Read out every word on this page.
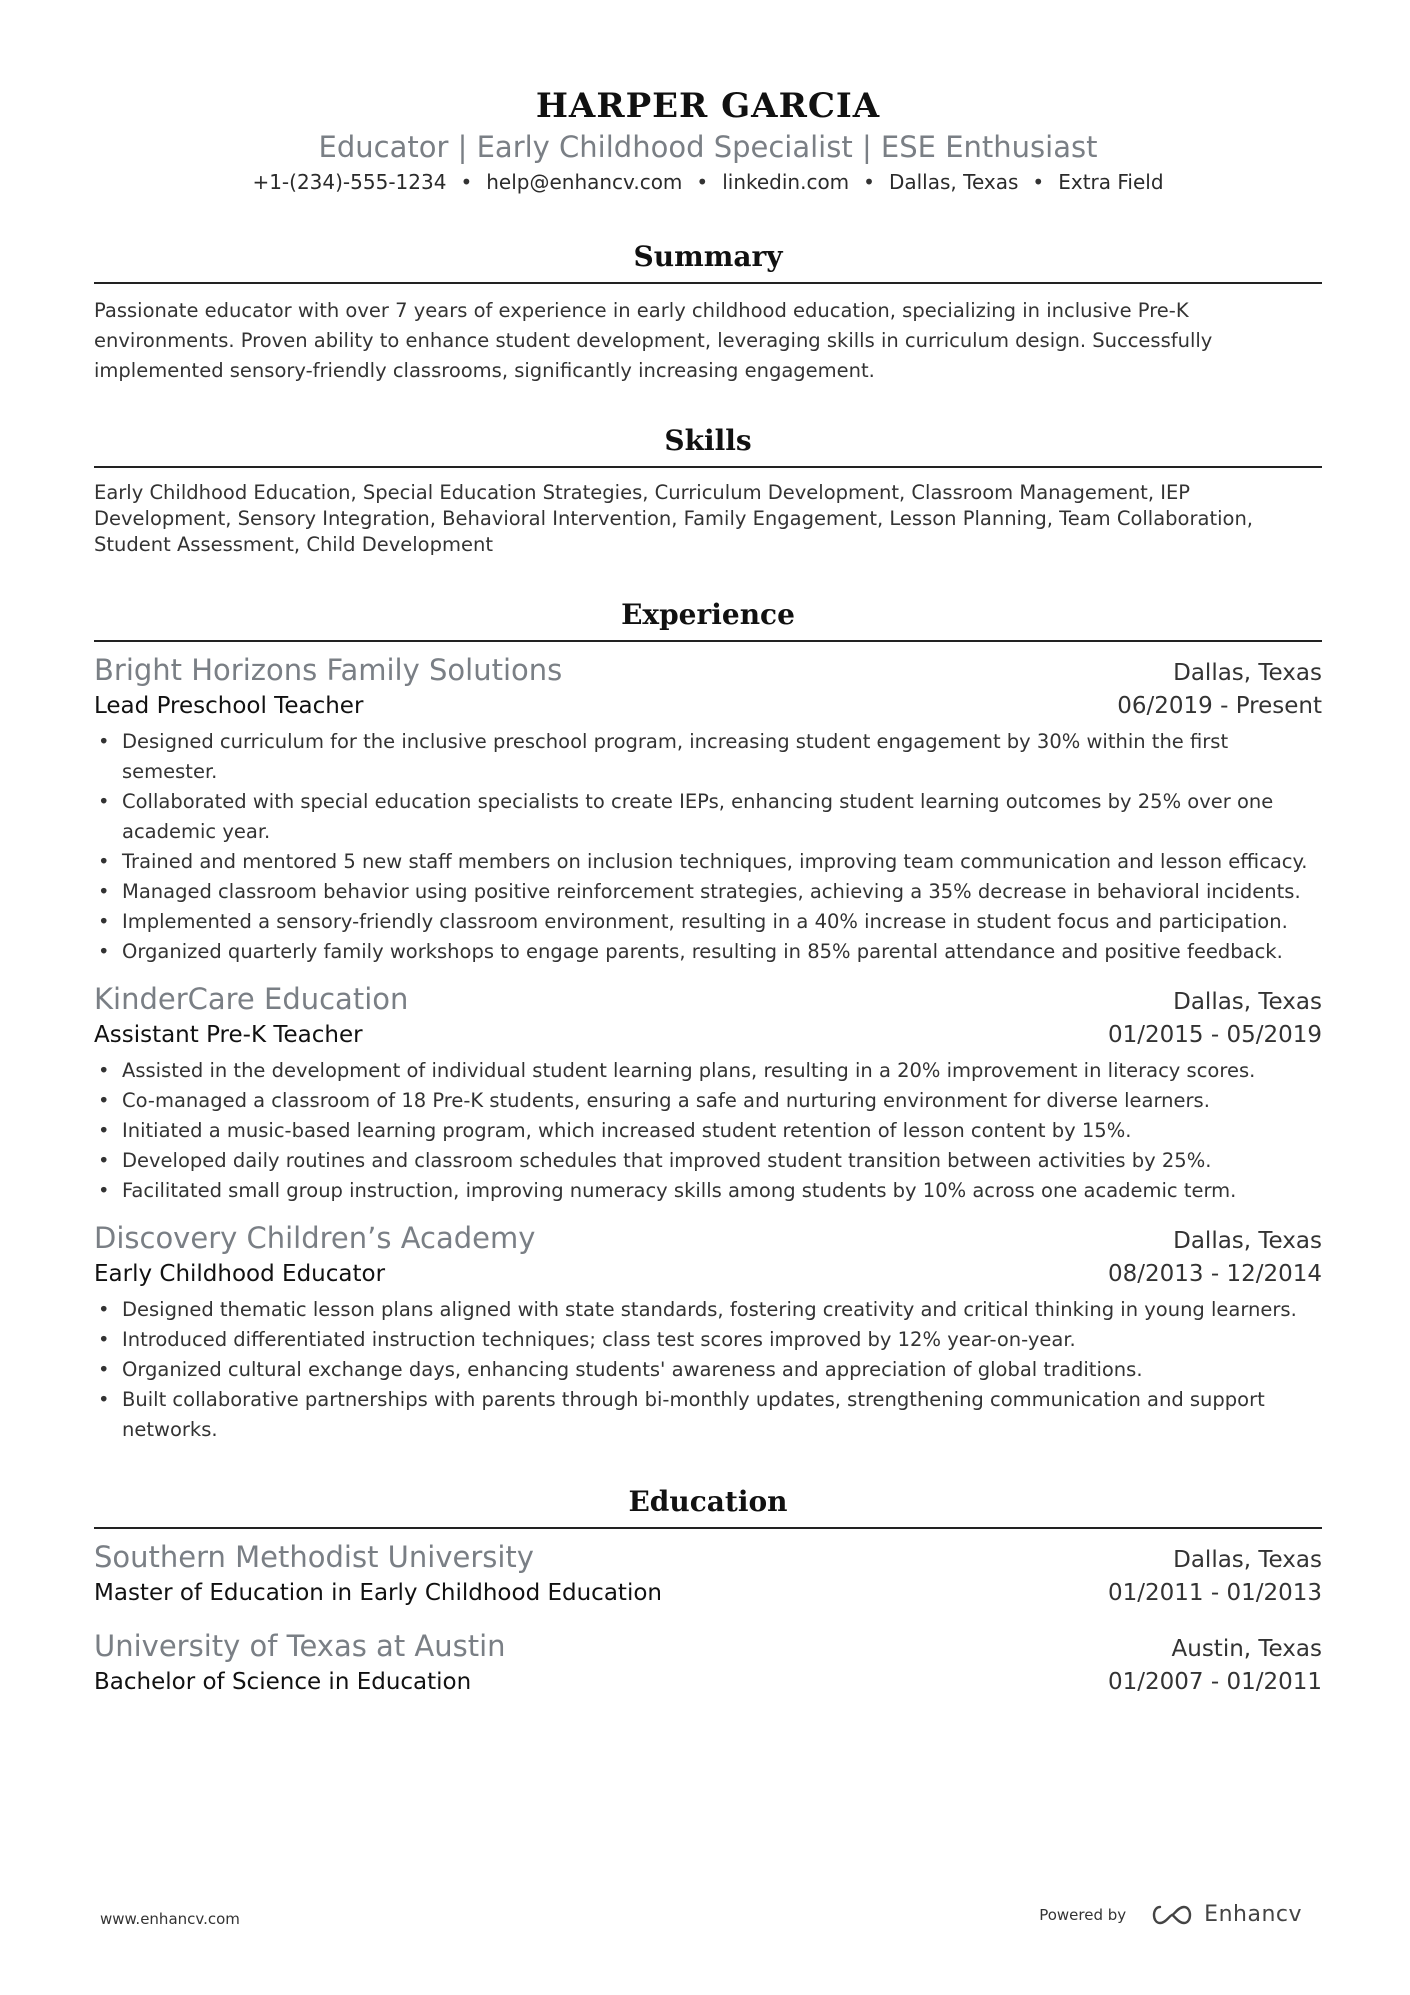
HARPER GARCIA
Educator | Early Childhood Specialist | ESE Enthusiast
+1-(234)-555-1234 • help@enhancv.com • linkedin.com • Dallas, Texas • Extra Field
Summary
Passionate educator with over 7 years of experience in early childhood education, specializing in inclusive Pre-K environments. Proven ability to enhance student development, leveraging skills in curriculum design. Successfully implemented sensory-friendly classrooms, significantly increasing engagement.
Skills
Early Childhood Education, Special Education Strategies, Curriculum Development, Classroom Management, IEP Development, Sensory Integration, Behavioral Intervention, Family Engagement, Lesson Planning, Team Collaboration, Student Assessment, Child Development
Experience
Bright Horizons Family Solutions	Dallas, Texas
Lead Preschool Teacher	06/2019 - Present
• Designed curriculum for the inclusive preschool program, increasing student engagement by 30% within the first semester.
• Collaborated with special education specialists to create IEPs, enhancing student learning outcomes by 25% over one academic year.
• Trained and mentored 5 new staff members on inclusion techniques, improving team communication and lesson efficacy.
• Managed classroom behavior using positive reinforcement strategies, achieving a 35% decrease in behavioral incidents.
• Implemented a sensory-friendly classroom environment, resulting in a 40% increase in student focus and participation.
• Organized quarterly family workshops to engage parents, resulting in 85% parental attendance and positive feedback.
KinderCare Education	Dallas, Texas
Assistant Pre-K Teacher	01/2015 - 05/2019
• Assisted in the development of individual student learning plans, resulting in a 20% improvement in literacy scores.
• Co-managed a classroom of 18 Pre-K students, ensuring a safe and nurturing environment for diverse learners.
• Initiated a music-based learning program, which increased student retention of lesson content by 15%.
• Developed daily routines and classroom schedules that improved student transition between activities by 25%.
• Facilitated small group instruction, improving numeracy skills among students by 10% across one academic term.
Discovery Children’s Academy	Dallas, Texas
Early Childhood Educator	08/2013 - 12/2014
• Designed thematic lesson plans aligned with state standards, fostering creativity and critical thinking in young learners.
• Introduced differentiated instruction techniques; class test scores improved by 12% year-on-year.
• Organized cultural exchange days, enhancing students' awareness and appreciation of global traditions.
• Built collaborative partnerships with parents through bi-monthly updates, strengthening communication and support networks.
Education
Southern Methodist University	Dallas, Texas
Master of Education in Early Childhood Education	01/2011 - 01/2013
University of Texas at Austin	Austin, Texas
Bachelor of Science in Education	01/2007 - 01/2011
www.enhancv.com	Powered by	Enhancv
